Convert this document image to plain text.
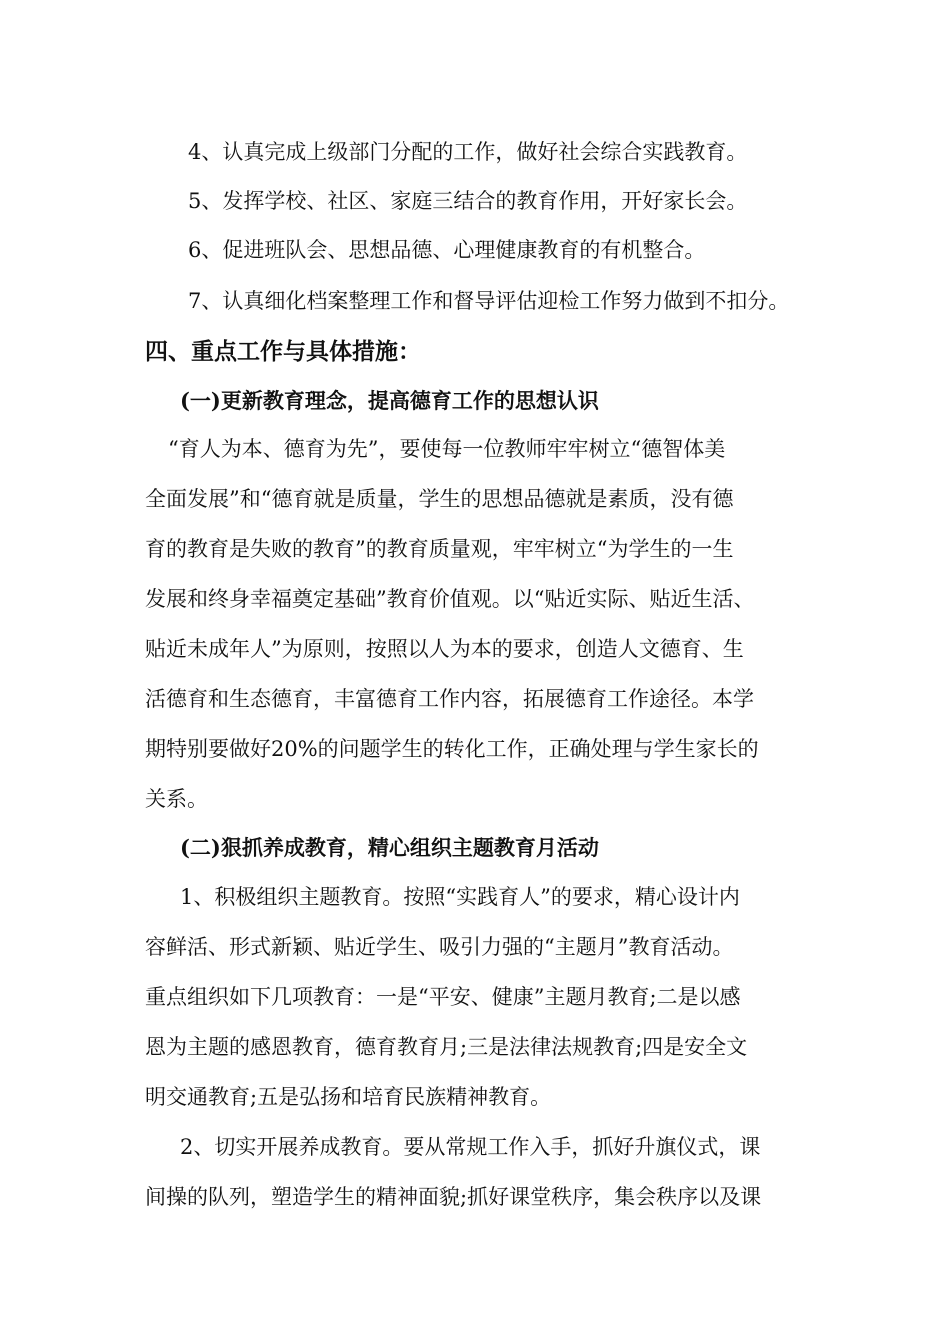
4、认真完成上级部门分配的工作，做好社会综合实践教育。
5、发挥学校、社区、家庭三结合的教育作用，开好家长会。
6、促进班队会、思想品德、心理健康教育的有机整合。
7、认真细化档案整理工作和督导评估迎检工作努力做到不扣分。
四、重点工作与具体措施：
(一)更新教育理念，提高德育工作的思想认识
“育人为本、德育为先”，要使每一位教师牢牢树立“德智体美
全面发展”和“德育就是质量，学生的思想品德就是素质，没有德
育的教育是失败的教育”的教育质量观，牢牢树立“为学生的一生
发展和终身幸福奠定基础”教育价值观。以“贴近实际、贴近生活、
贴近未成年人”为原则，按照以人为本的要求，创造人文德育、生
活德育和生态德育，丰富德育工作内容，拓展德育工作途径。本学
期特别要做好20%的问题学生的转化工作，正确处理与学生家长的
关系。
(二)狠抓养成教育，精心组织主题教育月活动
1、积极组织主题教育。按照“实践育人”的要求，精心设计内
容鲜活、形式新颖、贴近学生、吸引力强的“主题月”教育活动。
重点组织如下几项教育：一是“平安、健康”主题月教育;二是以感
恩为主题的感恩教育，德育教育月;三是法律法规教育;四是安全文
明交通教育;五是弘扬和培育民族精神教育。
2、切实开展养成教育。要从常规工作入手，抓好升旗仪式，课
间操的队列，塑造学生的精神面貌;抓好课堂秩序，集会秩序以及课
